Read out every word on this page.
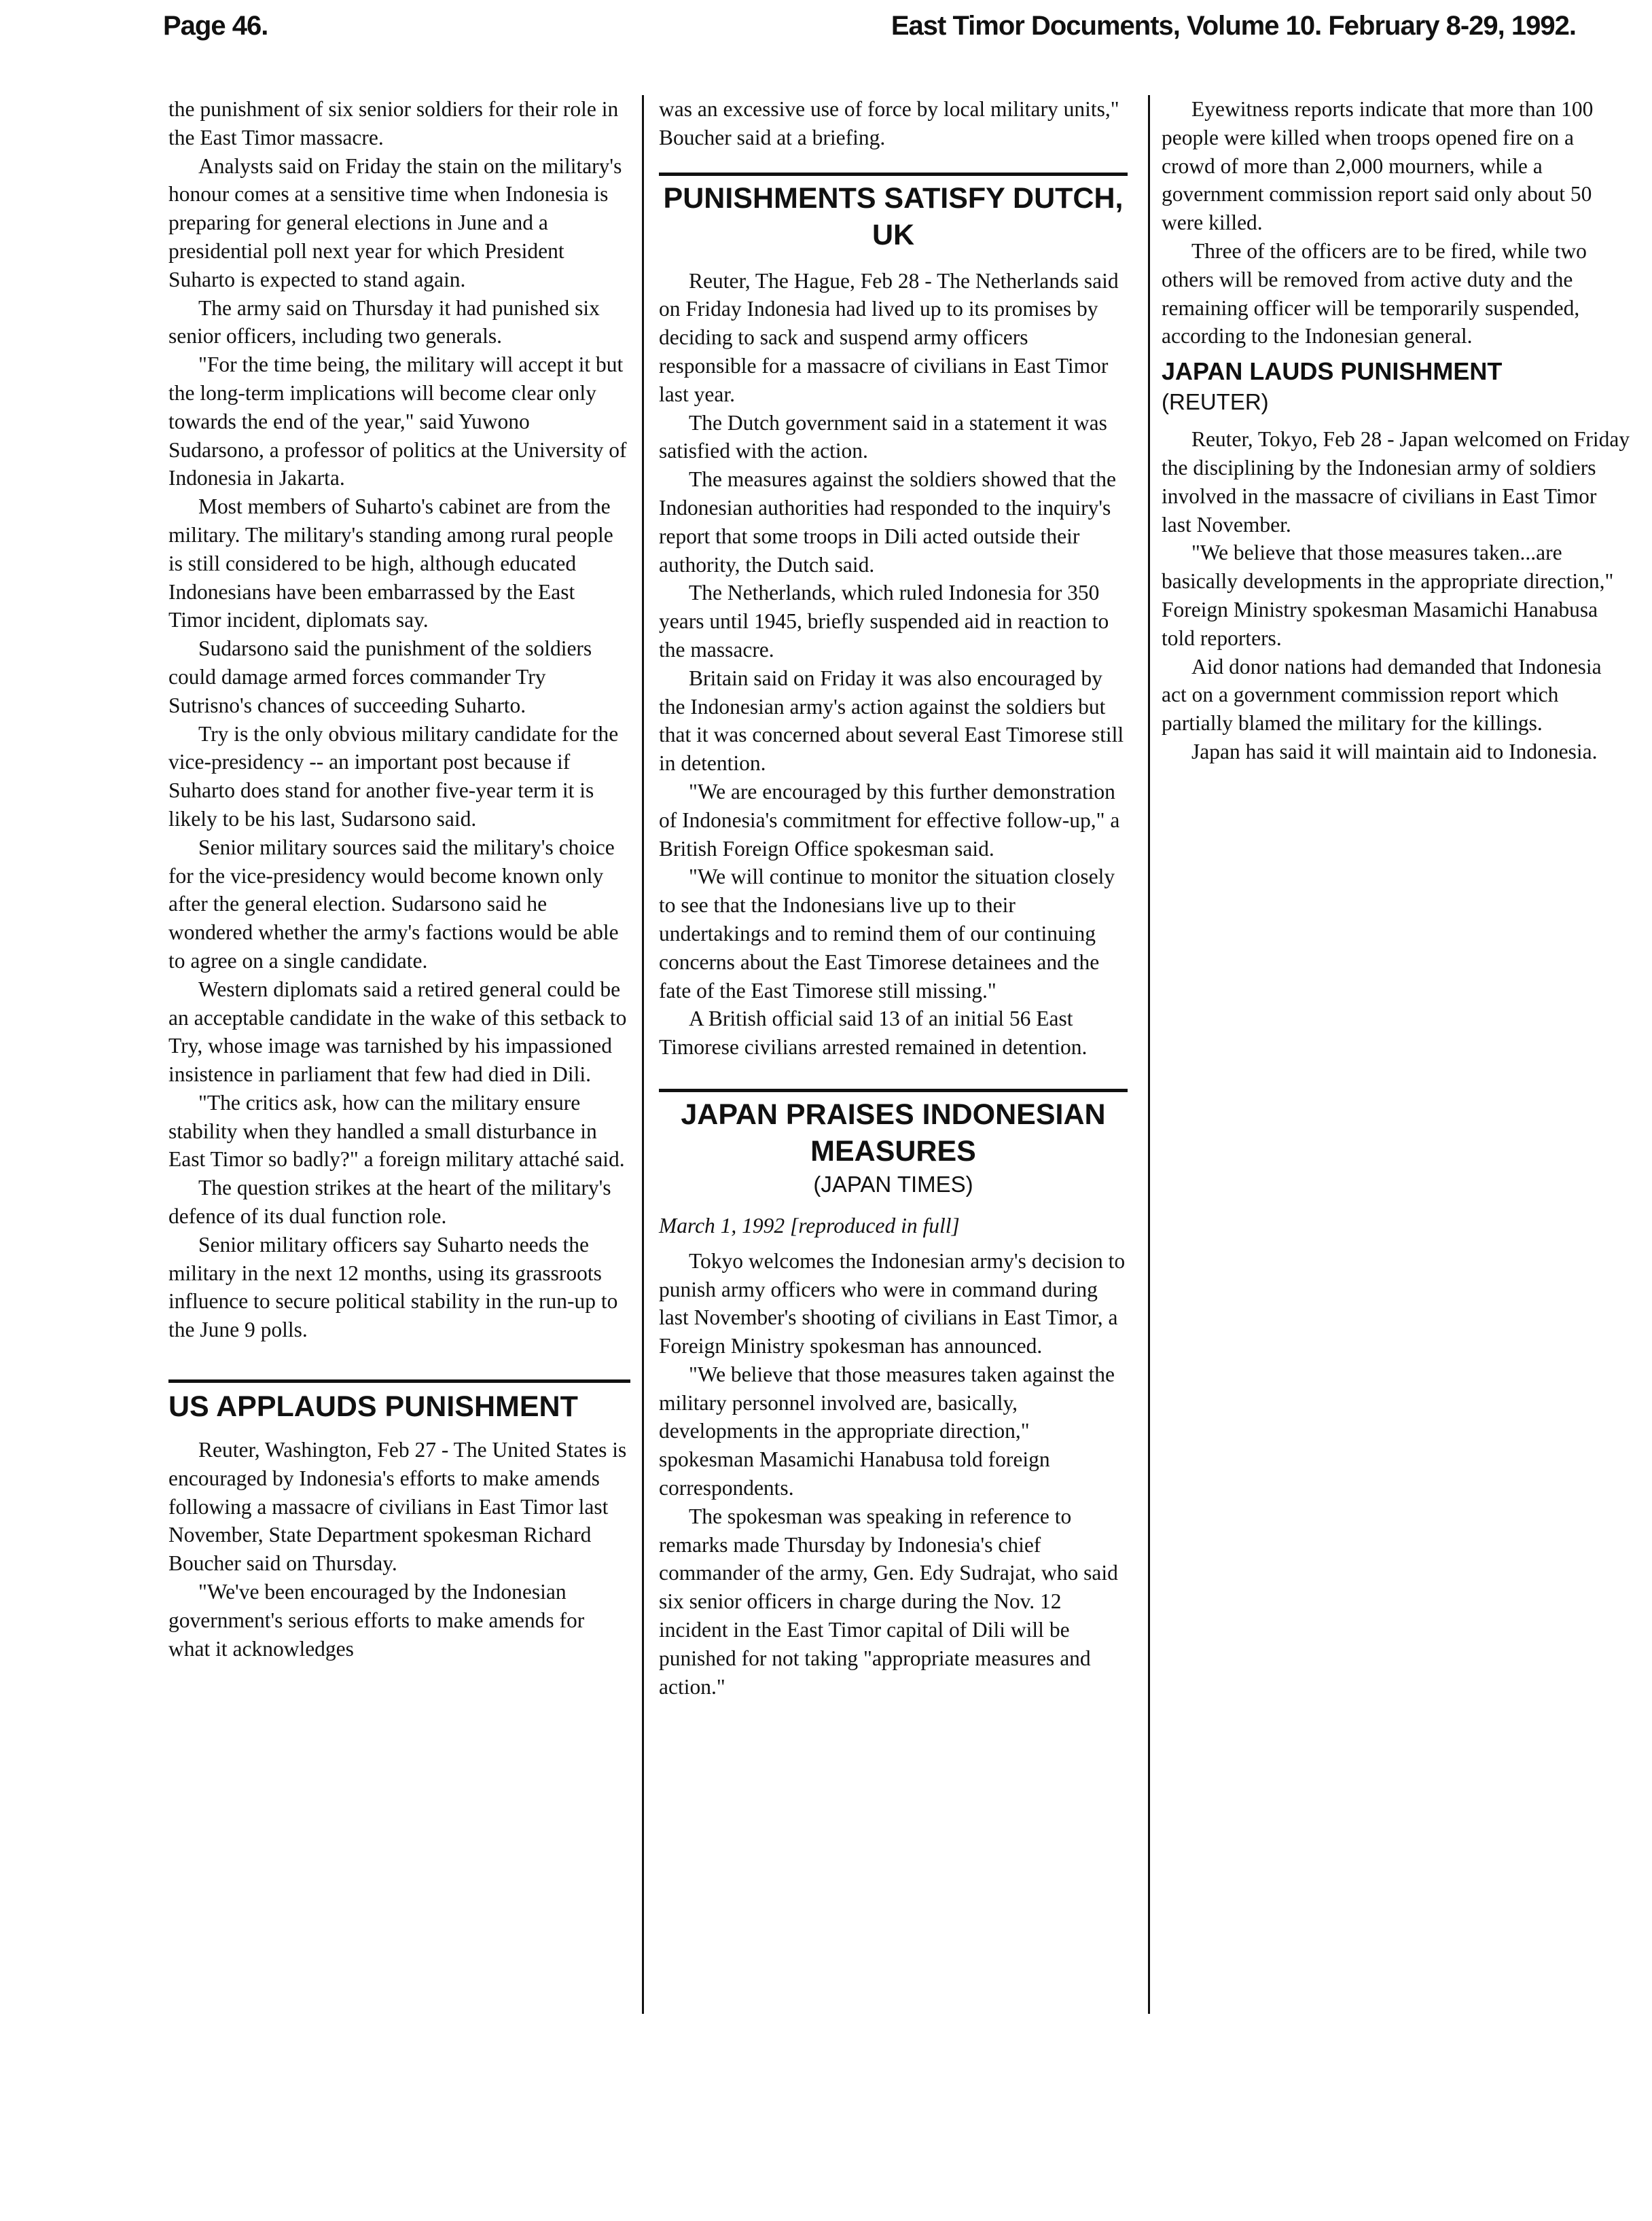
Page 46.	East Timor Documents, Volume 10. February 8-29, 1992.

the punishment of six senior soldiers for their role in the East Timor massacre.

Analysts said on Friday the stain on the military's honour comes at a sensitive time when Indonesia is preparing for general elections in June and a presidential poll next year for which President Suharto is expected to stand again.

The army said on Thursday it had punished six senior officers, including two generals.

"For the time being, the military will accept it but the long-term implications will become clear only towards the end of the year," said Yuwono Sudarsono, a professor of politics at the University of Indonesia in Jakarta.

Most members of Suharto's cabinet are from the military. The military's standing among rural people is still considered to be high, although educated Indonesians have been embarrassed by the East Timor incident, diplomats say.

Sudarsono said the punishment of the soldiers could damage armed forces commander Try Sutrisno's chances of succeeding Suharto.

Try is the only obvious military candidate for the vice-presidency -- an important post because if Suharto does stand for another five-year term it is likely to be his last, Sudarsono said.

Senior military sources said the military's choice for the vice-presidency would become known only after the general election. Sudarsono said he wondered whether the army's factions would be able to agree on a single candidate.

Western diplomats said a retired general could be an acceptable candidate in the wake of this setback to Try, whose image was tarnished by his impassioned insistence in parliament that few had died in Dili.

"The critics ask, how can the military ensure stability when they handled a small disturbance in East Timor so badly?" a foreign military attaché said.

The question strikes at the heart of the military's defence of its dual function role.

Senior military officers say Suharto needs the military in the next 12 months, using its grassroots influence to secure political stability in the run-up to the June 9 polls.

US APPLAUDS PUNISHMENT

Reuter, Washington, Feb 27 - The United States is encouraged by Indonesia's efforts to make amends following a massacre of civilians in East Timor last November, State Department spokesman Richard Boucher said on Thursday.

"We've been encouraged by the Indonesian government's serious efforts to make amends for what it acknowledges

was an excessive use of force by local military units," Boucher said at a briefing.

PUNISHMENTS SATISFY DUTCH, UK

Reuter, The Hague, Feb 28 - The Netherlands said on Friday Indonesia had lived up to its promises by deciding to sack and suspend army officers responsible for a massacre of civilians in East Timor last year.

The Dutch government said in a statement it was satisfied with the action.

The measures against the soldiers showed that the Indonesian authorities had responded to the inquiry's report that some troops in Dili acted outside their authority, the Dutch said.

The Netherlands, which ruled Indonesia for 350 years until 1945, briefly suspended aid in reaction to the massacre.

Britain said on Friday it was also encouraged by the Indonesian army's action against the soldiers but that it was concerned about several East Timorese still in detention.

"We are encouraged by this further demonstration of Indonesia's commitment for effective follow-up," a British Foreign Office spokesman said.

"We will continue to monitor the situation closely to see that the Indonesians live up to their undertakings and to remind them of our continuing concerns about the East Timorese detainees and the fate of the East Timorese still missing."

A British official said 13 of an initial 56 East Timorese civilians arrested remained in detention.

JAPAN PRAISES INDONESIAN MEASURES

(JAPAN TIMES)

March 1, 1992 [reproduced in full]

Tokyo welcomes the Indonesian army's decision to punish army officers who were in command during last November's shooting of civilians in East Timor, a Foreign Ministry spokesman has announced.

"We believe that those measures taken against the military personnel involved are, basically, developments in the appropriate direction," spokesman Masamichi Hanabusa told foreign correspondents.

The spokesman was speaking in reference to remarks made Thursday by Indonesia's chief commander of the army, Gen. Edy Sudrajat, who said six senior officers in charge during the Nov. 12 incident in the East Timor capital of Dili will be punished for not taking "appropriate measures and action."

Eyewitness reports indicate that more than 100 people were killed when troops opened fire on a crowd of more than 2,000 mourners, while a government commission report said only about 50 were killed.

Three of the officers are to be fired, while two others will be removed from active duty and the remaining officer will be temporarily suspended, according to the Indonesian general.

JAPAN LAUDS PUNISHMENT

(REUTER)

Reuter, Tokyo, Feb 28 - Japan welcomed on Friday the disciplining by the Indonesian army of soldiers involved in the massacre of civilians in East Timor last November.

"We believe that those measures taken...are basically developments in the appropriate direction," Foreign Ministry spokesman Masamichi Hanabusa told reporters.

Aid donor nations had demanded that Indonesia act on a government commission report which partially blamed the military for the killings.

Japan has said it will maintain aid to Indonesia.
